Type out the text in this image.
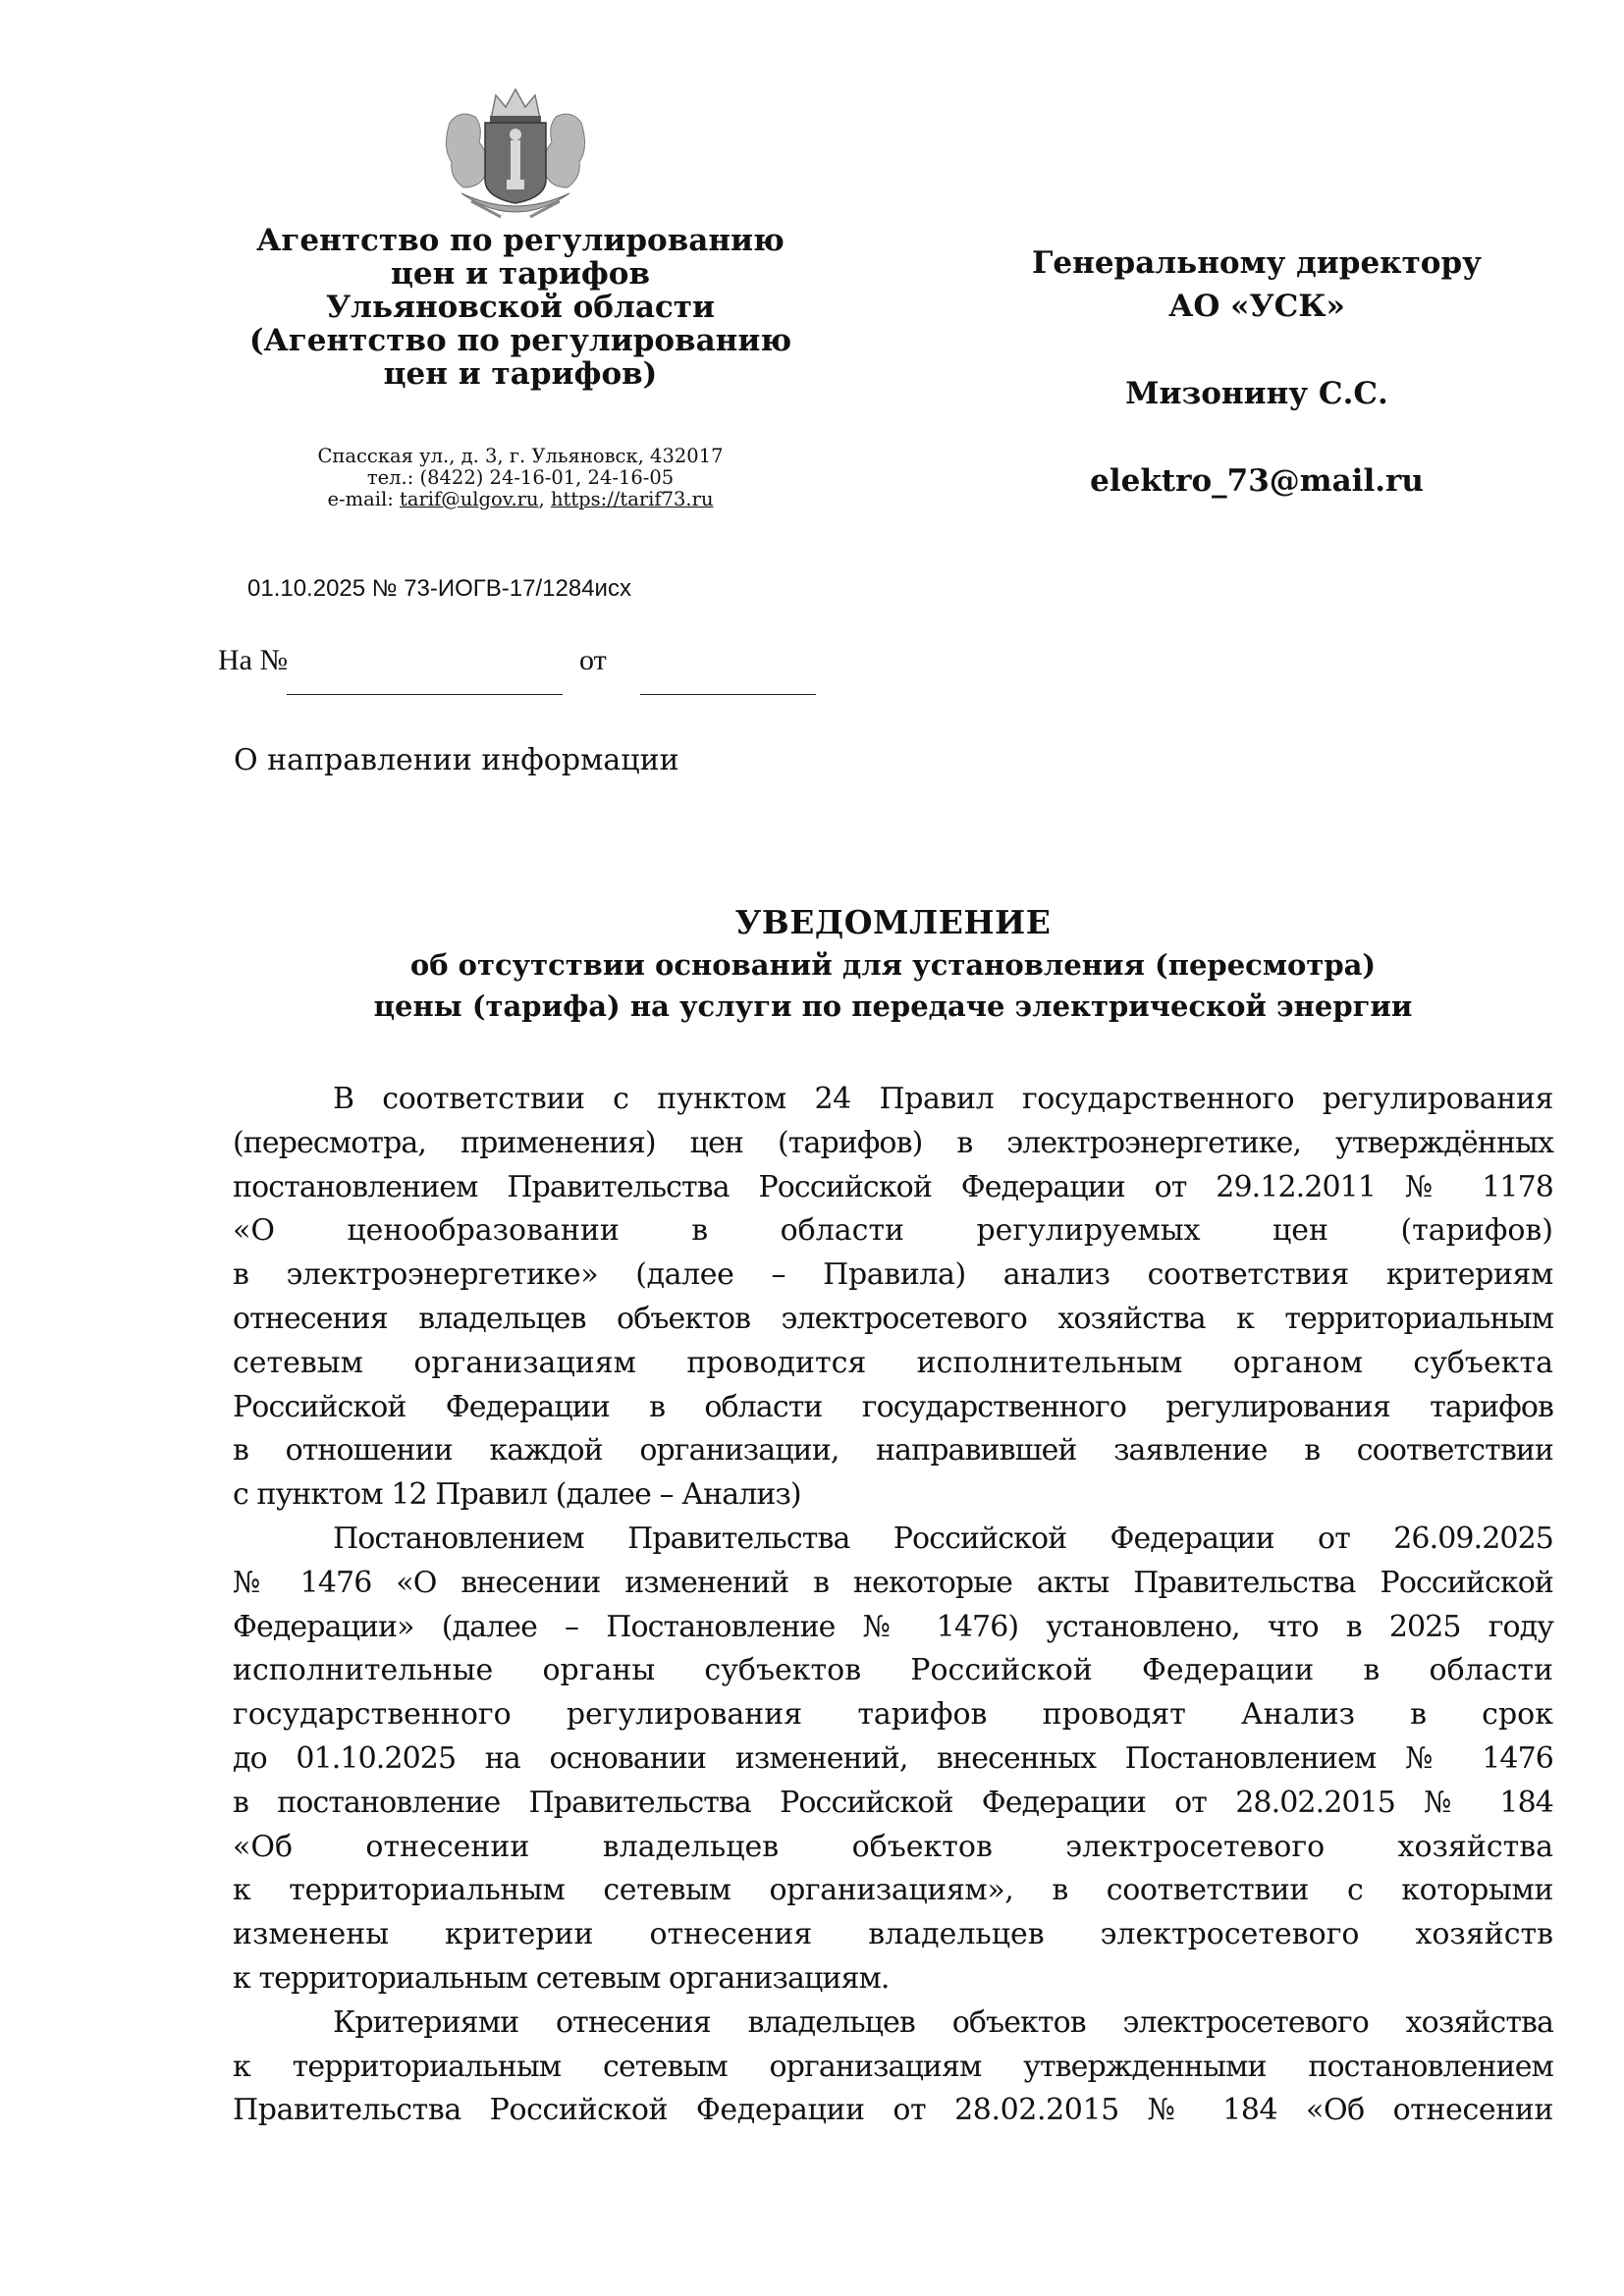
Агентство по регулированию
цен и тарифов
Ульяновской области
(Агентство по регулированию
цен и тарифов)
Спасская ул., д. 3, г. Ульяновск, 432017
тел.: (8422) 24-16-01, 24-16-05
e-mail: tarif@ulgov.ru, https://tarif73.ru
01.10.2025 № 73-ИОГВ-17/1284исх
На №	от
О направлении информации
Генеральному директору
АО «УСК»
Мизонину С.С.
elektro_73@mail.ru
УВЕДОМЛЕНИЕ
об отсутствии оснований для установления (пересмотра)
цены (тарифа) на услуги по передаче электрической энергии

В соответствии с пунктом 24 Правил государственного регулирования
(пересмотра, применения) цен (тарифов) в электроэнергетике, утверждённых
постановлением Правительства Российской Федерации от 29.12.2011 № 1178
«О ценообразовании в области регулируемых цен (тарифов)
в электроэнергетике» (далее – Правила) анализ соответствия критериям
отнесения владельцев объектов электросетевого хозяйства к территориальным
сетевым организациям проводится исполнительным органом субъекта
Российской Федерации в области государственного регулирования тарифов
в отношении каждой организации, направившей заявление в соответствии
с пунктом 12 Правил (далее – Анализ)

Постановлением Правительства Российской Федерации от 26.09.2025
№ 1476 «О внесении изменений в некоторые акты Правительства Российской
Федерации» (далее – Постановление № 1476) установлено, что в 2025 году
исполнительные органы субъектов Российской Федерации в области
государственного регулирования тарифов проводят Анализ в срок
до 01.10.2025 на основании изменений, внесенных Постановлением № 1476
в постановление Правительства Российской Федерации от 28.02.2015 № 184
«Об отнесении владельцев объектов электросетевого хозяйства
к территориальным сетевым организациям», в соответствии с которыми
изменены критерии отнесения владельцев электросетевого хозяйств
к территориальным сетевым организациям.

Критериями отнесения владельцев объектов электросетевого хозяйства
к территориальным сетевым организациям утвержденными постановлением
Правительства Российской Федерации от 28.02.2015 № 184 «Об отнесении
